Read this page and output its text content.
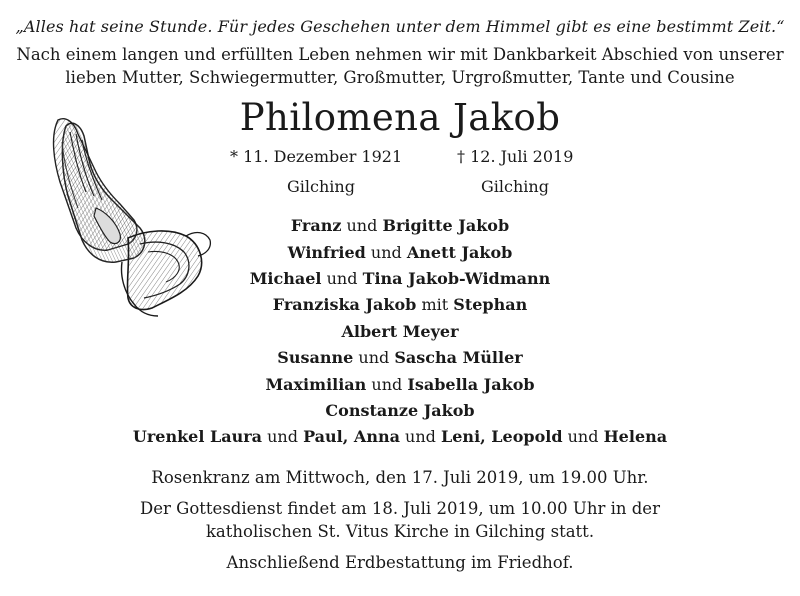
„Alles hat seine Stunde. Für jedes Geschehen unter dem Himmel gibt es eine bestimmt Zeit.“
Nach einem langen und erfüllten Leben nehmen wir mit Dankbarkeit Abschied von unserer
lieben Mutter, Schwiegermutter, Großmutter, Urgroßmutter, Tante und Cousine
Philomena Jakob
* 11. Dezember 1921	† 12. Juli 2019
Gilching	Gilching
Franz und Brigitte Jakob
Winfried und Anett Jakob
Michael und Tina Jakob-Widmann
Franziska Jakob mit Stephan
Albert Meyer
Susanne und Sascha Müller
Maximilian und Isabella Jakob
Constanze Jakob
Urenkel Laura und Paul, Anna und Leni, Leopold und Helena
Rosenkranz am Mittwoch, den 17. Juli 2019, um 19.00 Uhr.
Der Gottesdienst findet am 18. Juli 2019, um 10.00 Uhr in der
katholischen St. Vitus Kirche in Gilching statt.
Anschließend Erdbestattung im Friedhof.
